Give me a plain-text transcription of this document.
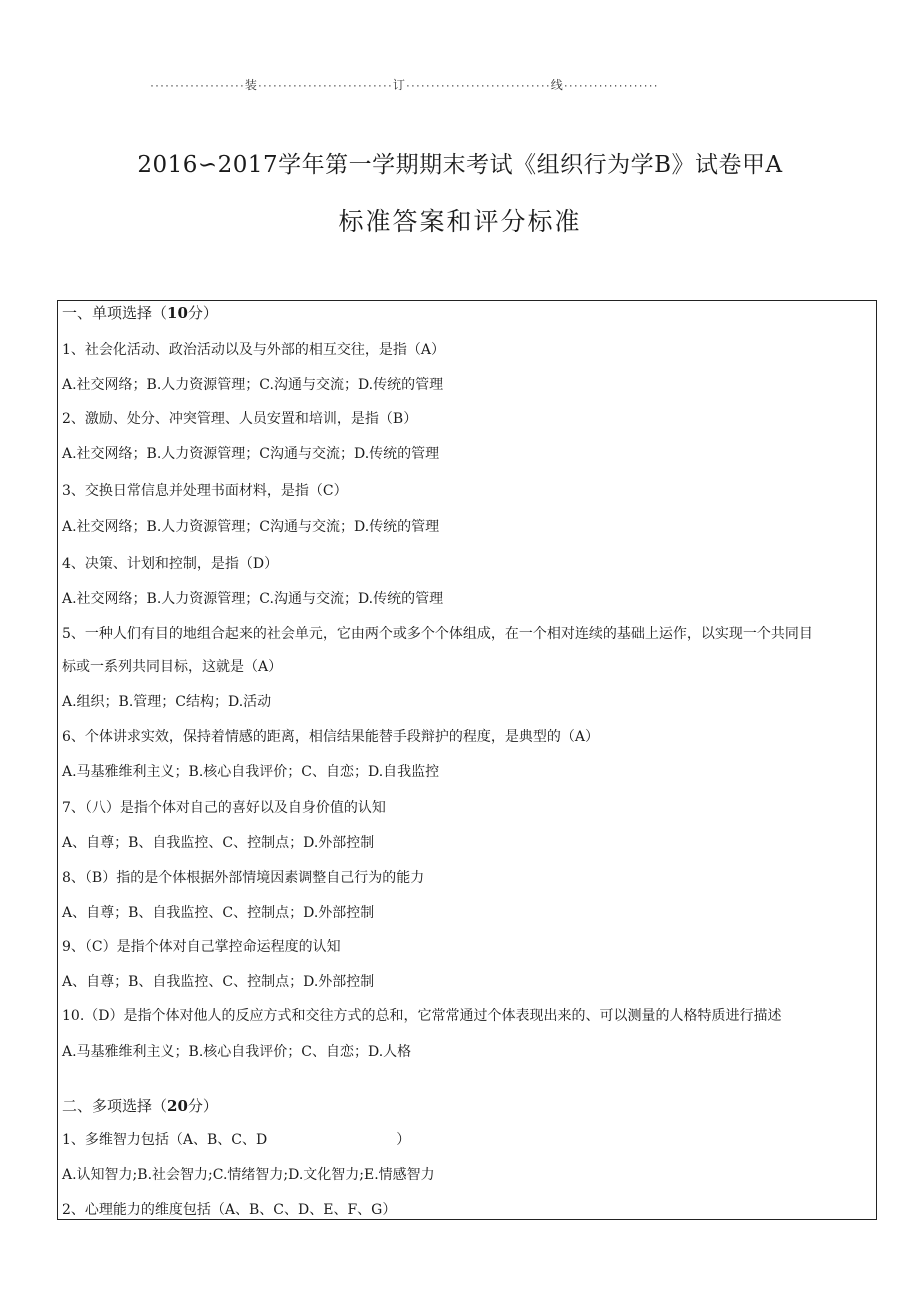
···················装···························订·····························线···················
2016∽2017学年第一学期期末考试《组织行为学B》试卷甲A
标准答案和评分标准
一、单项选择（10分）
1、社会化活动、政治活动以及与外部的相互交往，是指（A）
A.社交网络；B.人力资源管理；C.沟通与交流；D.传统的管理
2、激励、处分、冲突管理、人员安置和培训，是指（B）
A.社交网络；B.人力资源管理；C沟通与交流；D.传统的管理
3、交换日常信息并处理书面材料，是指（C）
A.社交网络；B.人力资源管理；C沟通与交流；D.传统的管理
4、决策、计划和控制，是指（D）
A.社交网络；B.人力资源管理；C.沟通与交流；D.传统的管理
5、一种人们有目的地组合起来的社会单元，它由两个或多个个体组成，在一个相对连续的基础上运作，以实现一个共同目
标或一系列共同目标，这就是（A）
A.组织；B.管理；C结构；D.活动
6、个体讲求实效，保持着情感的距离，相信结果能替手段辩护的程度，是典型的（A）
A.马基雅维利主义；B.核心自我评价；C、自恋；D.自我监控
7、（八）是指个体对自己的喜好以及自身价值的认知
A、自尊；B、自我监控、C、控制点；D.外部控制
8、（B）指的是个体根据外部情境因素调整自己行为的能力
A、自尊；B、自我监控、C、控制点；D.外部控制
9、（C）是指个体对自己掌控命运程度的认知
A、自尊；B、自我监控、C、控制点；D.外部控制
10.（D）是指个体对他人的反应方式和交往方式的总和，它常常通过个体表现出来的、可以测量的人格特质进行描述
A.马基雅维利主义；B.核心自我评价；C、自恋；D.人格
二、多项选择（20分）
1、多维智力包括（A、B、C、D                             ）
A.认知智力;B.社会智力;C.情绪智力;D.文化智力;E.情感智力
2、心理能力的维度包括（A、B、C、D、E、F、G）
